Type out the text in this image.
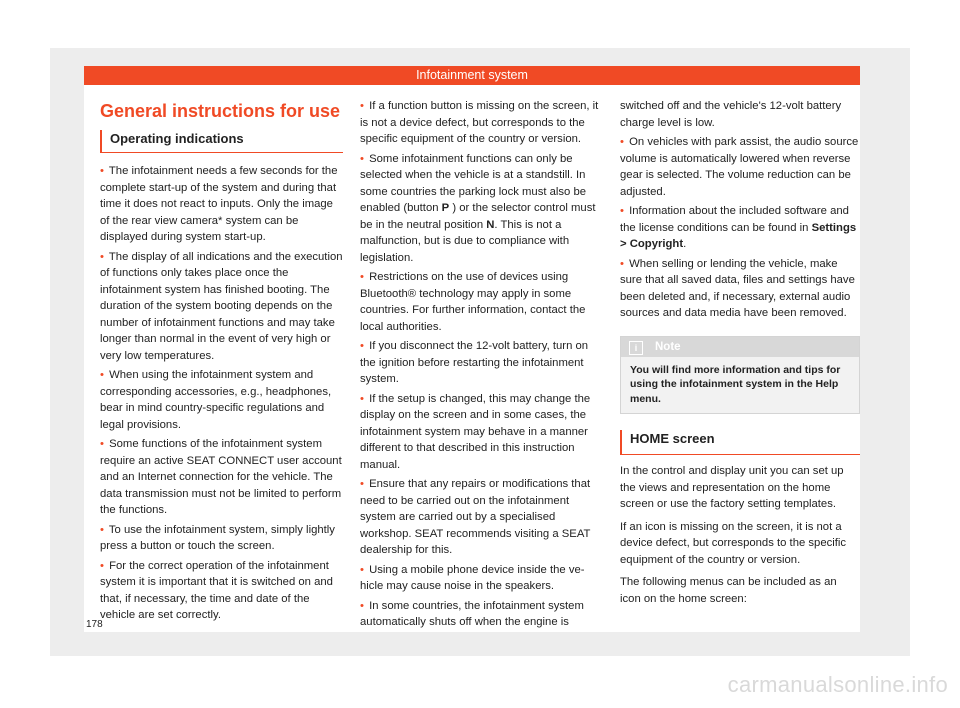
Infotainment system
General instructions for use
Operating indications

• The infotainment needs a few seconds for the complete start-up of the system and during that time it does not react to inputs. Only the image of the rear view camera* system can be displayed during system start-up.

• The display of all indications and the execution of functions only takes place once the infotainment system has finished booting. The duration of the system booting depends on the number of infotainment functions and may take longer than normal in the event of very high or very low temperatures.

• When using the infotainment system and corresponding accessories, e.g., headphones, bear in mind country-specific regulations and legal provisions.

• Some functions of the infotainment system require an active SEAT CONNECT user account and an Internet connection for the vehicle. The data transmission must not be limited to perform the functions.

• To use the infotainment system, simply lightly press a button or touch the screen.

• For the correct operation of the infotainment system it is important that it is switched on and that, if necessary, the time and date of the vehicle are set correctly.

• If a function button is missing on the screen, it is not a device defect, but corresponds to the specific equipment of the country or version.

• Some infotainment functions can only be selected when the vehicle is at a standstill. In some countries the parking lock must also be enabled (button P ) or the selector control must be in the neutral position N. This is not a malfunction, but is due to compliance with legislation.

• Restrictions on the use of devices using Bluetooth® technology may apply in some countries. For further information, contact the local authorities.

• If you disconnect the 12-volt battery, turn on the ignition before restarting the infotainment system.

• If the setup is changed, this may change the display on the screen and in some cases, the infotainment system may behave in a manner different to that described in this instruction manual.

• Ensure that any repairs or modifications that need to be carried out on the infotainment system are carried out by a specialised workshop. SEAT recommends visiting a SEAT dealership for this.

• Using a mobile phone device inside the vehicle may cause noise in the speakers.

• In some countries, the infotainment system automatically shuts off when the engine is

switched off and the vehicle's 12-volt battery charge level is low.

• On vehicles with park assist, the audio source volume is automatically lowered when reverse gear is selected. The volume reduction can be adjusted.

• Information about the included software and the license conditions can be found in Settings > Copyright.

• When selling or lending the vehicle, make sure that all saved data, files and settings have been deleted and, if necessary, external audio sources and data media have been removed.

i Note
You will find more information and tips for using the infotainment system in the Help menu.
HOME screen

In the control and display unit you can set up the views and representation on the home screen or use the factory setting templates.

If an icon is missing on the screen, it is not a device defect, but corresponds to the specific equipment of the country or version.

The following menus can be included as an icon on the home screen:

178
carmanualsonline.info
